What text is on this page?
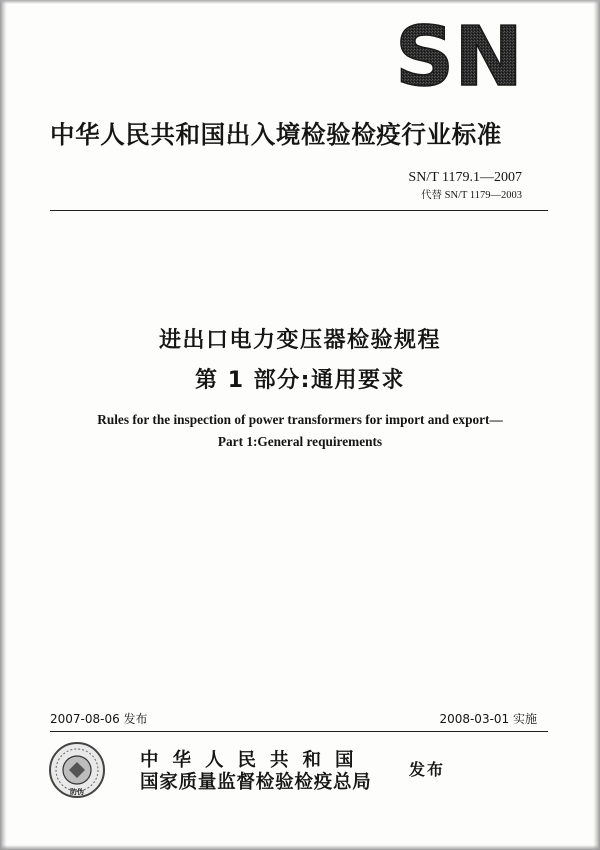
SN
中华人民共和国出入境检验检疫行业标准
SN/T 1179.1—2007
代替 SN/T 1179—2003
进出口电力变压器检验规程
第 1 部分:通用要求
Rules for the inspection of power transformers for import and export—
Part 1:General requirements
2007-08-06 发布	2008-03-01 实施
防伪
中华人民共和国
国家质量监督检验检疫总局
发布
